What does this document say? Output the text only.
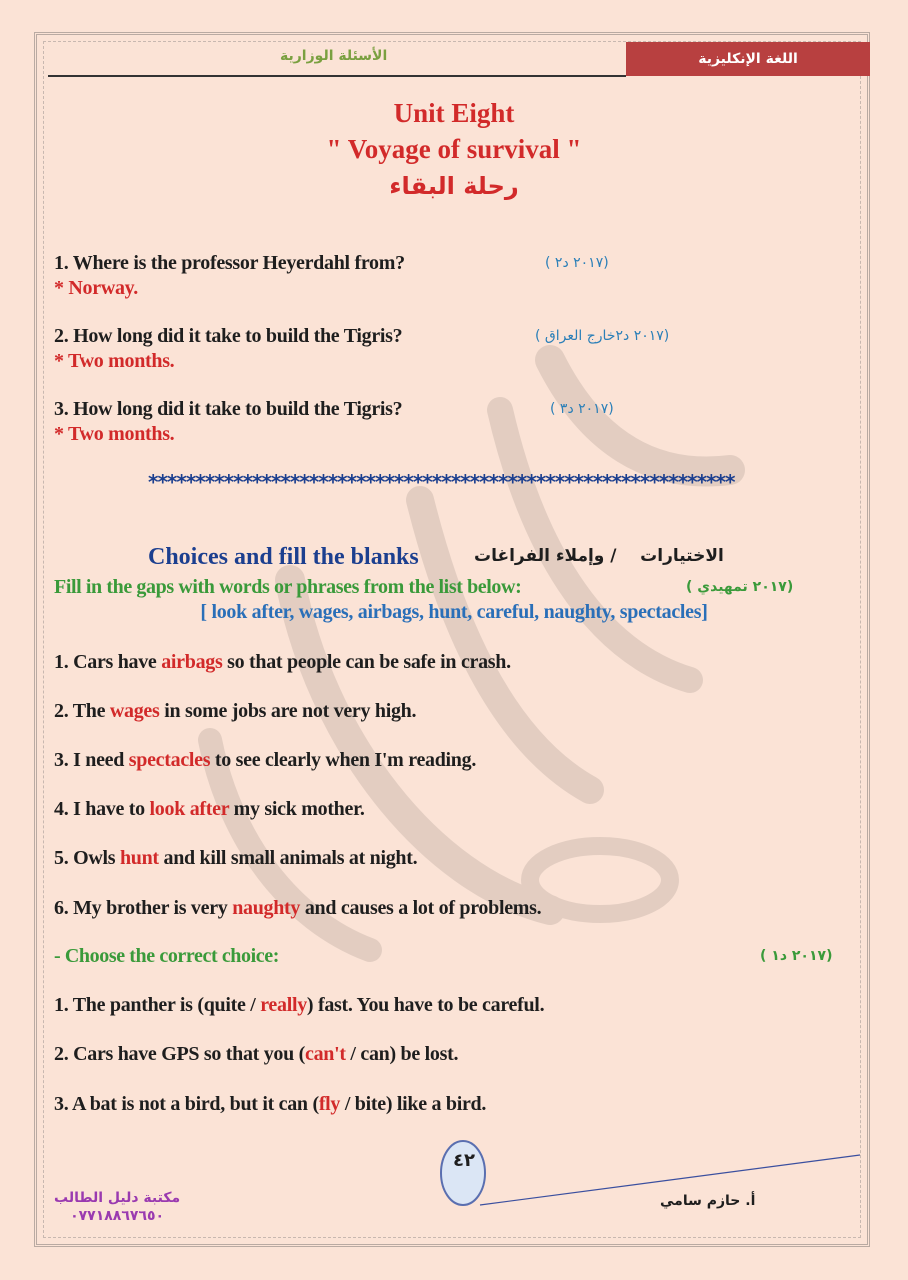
الأسئلة الوزارية	اللغة الإنكليزية
Unit Eight
" Voyage of survival "
رحلة البقاء
1. Where is the professor Heyerdahl from?
* Norway.
(٢٠١٧ د٢ )
2. How long did it take to build the Tigris?
* Two months.
(٢٠١٧ د٢خارج العراق )
3. How long did it take to build the Tigris?
* Two months.
(٢٠١٧ د٣ )
**************************************************************
Choices and fill the blanks	الاختيارات    / وإملاء الفراغات
Fill in the gaps with words or phrases from the list below:	(٢٠١٧ تمهيدي )
[ look after, wages, airbags, hunt, careful, naughty, spectacles]
1. Cars have airbags so that people can be safe in crash.
2. The wages in some jobs are not very high.
3. I need spectacles to see clearly when I'm reading.
4. I have to look after my sick mother.
5. Owls hunt and kill small animals at night.
6. My brother is very naughty and causes a lot of problems.
- Choose the correct choice:	(٢٠١٧ د١ )
1. The panther is (quite / really) fast. You have to be careful.
2. Cars have GPS so that you (can't / can) be lost.
3. A bat is not a bird, but it can (fly / bite) like a bird.
٤٢
مكتبة دليل الطالب
٠٧٧١٨٨٦٧٦٥٠
أ. حازم سامي
